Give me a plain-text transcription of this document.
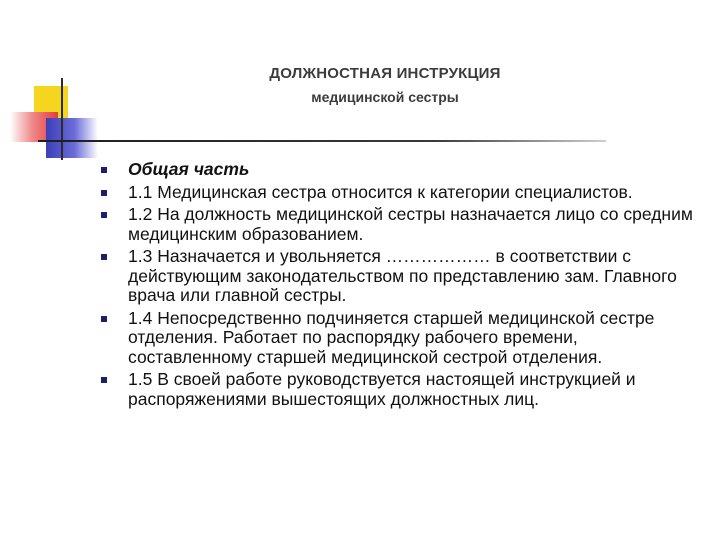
ДОЛЖНОСТНАЯ ИНСТРУКЦИЯ
медицинской сестры
Общая часть
1.1 Медицинская сестра относится к категории специалистов.
1.2 На должность медицинской сестры назначается лицо со средним медицинским образованием.
1.3 Назначается и увольняется ……………… в соответствии с действующим законодательством по представлению зам. Главного врача или главной сестры.
1.4 Непосредственно подчиняется старшей медицинской сестре отделения. Работает по распорядку рабочего времени, составленному старшей медицинской сестрой отделения.
1.5 В своей работе руководствуется настоящей инструкцией и распоряжениями вышестоящих должностных лиц.
